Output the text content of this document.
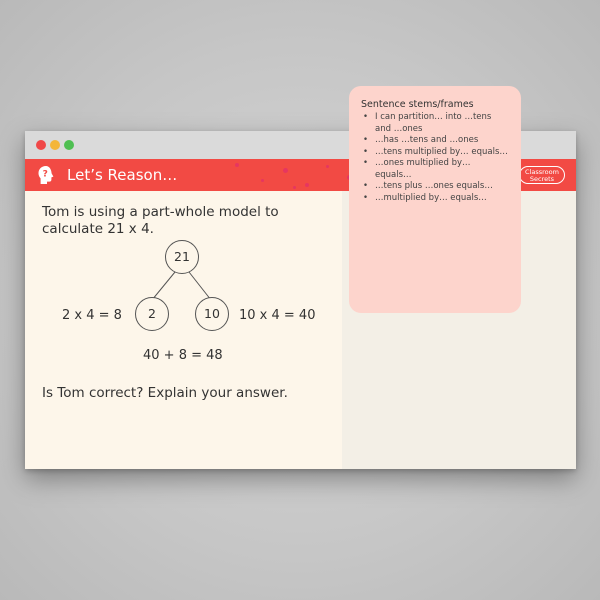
? Let’s Reason…	Classroom
Secrets
Tom is using a part-whole model to calculate 21 x 4.
21
2	10
2 x 4 = 8	10 x 4 = 40
40 + 8 = 48
Is Tom correct? Explain your answer.
Sentence stems/frames
• I can partition… into …tens and …ones
• …has …tens and …ones
• …tens multiplied by… equals…
• …ones multiplied by… equals…
• …tens plus …ones equals…
• …multiplied by… equals…
